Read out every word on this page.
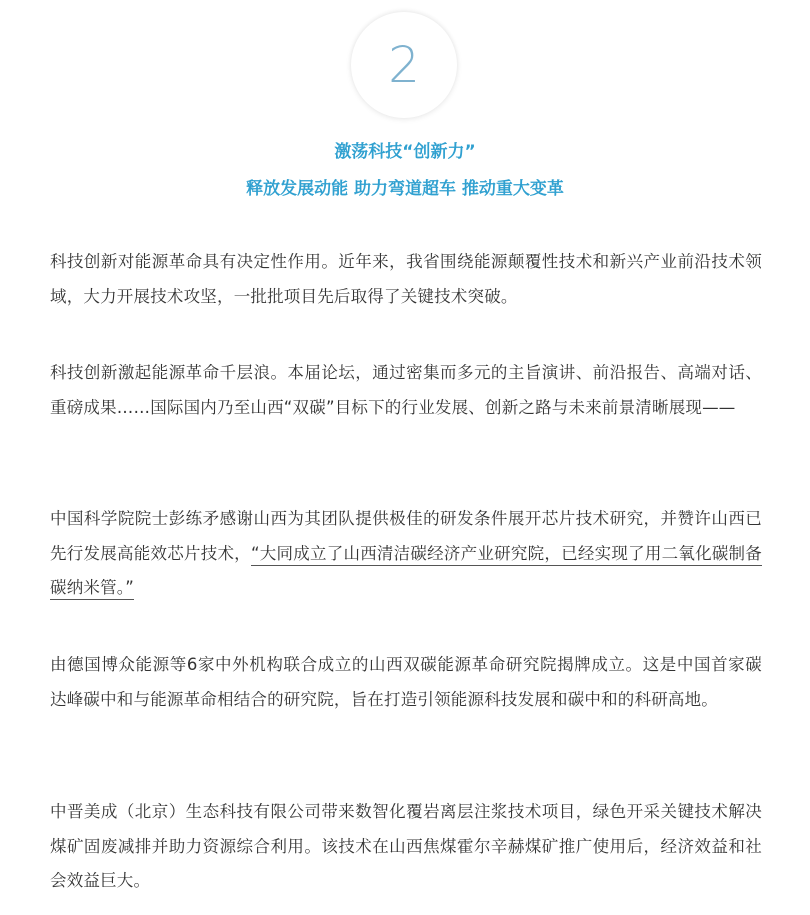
2
激荡科技“创新力”
释放发展动能 助力弯道超车 推动重大变革

科技创新对能源革命具有决定性作用。近年来，我省围绕能源颠覆性技术和新兴产业前沿技术领域，大力开展技术攻坚，一批批项目先后取得了关键技术突破。

科技创新激起能源革命千层浪。本届论坛，通过密集而多元的主旨演讲、前沿报告、高端对话、重磅成果……国际国内乃至山西“双碳”目标下的行业发展、创新之路与未来前景清晰展现——

中国科学院院士彭练矛感谢山西为其团队提供极佳的研发条件展开芯片技术研究，并赞许山西已先行发展高能效芯片技术，“大同成立了山西清洁碳经济产业研究院，已经实现了用二氧化碳制备碳纳米管。”

由德国博众能源等6家中外机构联合成立的山西双碳能源革命研究院揭牌成立。这是中国首家碳达峰碳中和与能源革命相结合的研究院，旨在打造引领能源科技发展和碳中和的科研高地。

中晋美成（北京）生态科技有限公司带来数智化覆岩离层注浆技术项目，绿色开采关键技术解决煤矿固废减排并助力资源综合利用。该技术在山西焦煤霍尔辛赫煤矿推广使用后，经济效益和社会效益巨大。
